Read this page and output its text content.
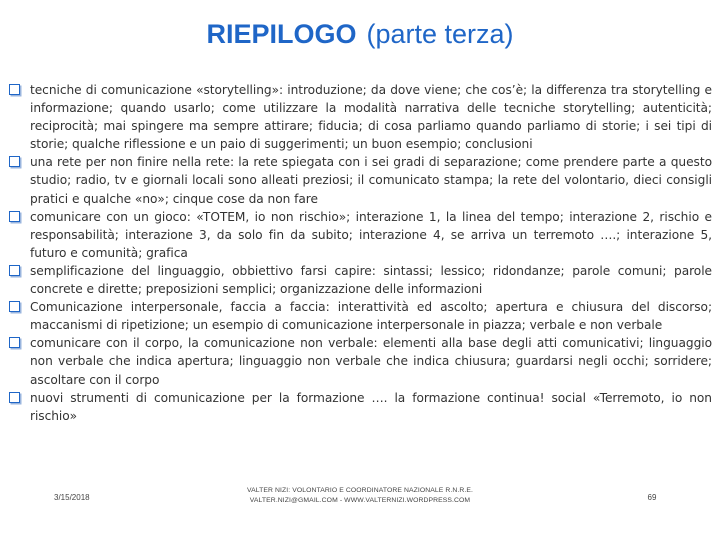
RIEPILOGO (parte terza)
tecniche di comunicazione «storytelling»: introduzione; da dove viene; che cos’è; la differenza tra storytelling e informazione; quando usarlo; come utilizzare la modalità narrativa delle tecniche storytelling; autenticità; reciprocità; mai spingere ma sempre attirare; fiducia; di cosa parliamo quando parliamo di storie; i sei tipi di storie; qualche riflessione e un paio di suggerimenti; un buon esempio; conclusioni
una rete per non finire nella rete: la rete spiegata con i sei gradi di separazione; come prendere parte a questo studio; radio, tv e giornali locali sono alleati preziosi; il comunicato stampa; la rete del volontario, dieci consigli pratici e qualche «no»; cinque cose da non fare
comunicare con un gioco: «TOTEM, io non rischio»; interazione 1, la linea del tempo; interazione 2, rischio e responsabilità; interazione 3, da solo fin da subito; interazione 4, se arriva un terremoto ….; interazione 5, futuro e comunità; grafica
semplificazione del linguaggio, obbiettivo farsi capire: sintassi; lessico; ridondanze; parole comuni; parole concrete e dirette; preposizioni semplici; organizzazione delle informazioni
Comunicazione interpersonale, faccia a faccia: interattività ed ascolto; apertura e chiusura del discorso; maccanismi di ripetizione; un esempio di comunicazione interpersonale in piazza; verbale e non verbale
comunicare con il corpo, la comunicazione non verbale: elementi alla base degli atti comunicativi; linguaggio non verbale che indica apertura; linguaggio non verbale che indica chiusura; guardarsi negli occhi; sorridere; ascoltare con il corpo
nuovi strumenti di comunicazione per la formazione …. la formazione continua! social «Terremoto, io non rischio»
3/15/2018
VALTER NIZI: VOLONTARIO E COORDINATORE NAZIONALE R.N.R.E.
VALTER.NIZI@GMAIL.COM - WWW.VALTERNIZI.WORDPRESS.COM	69
